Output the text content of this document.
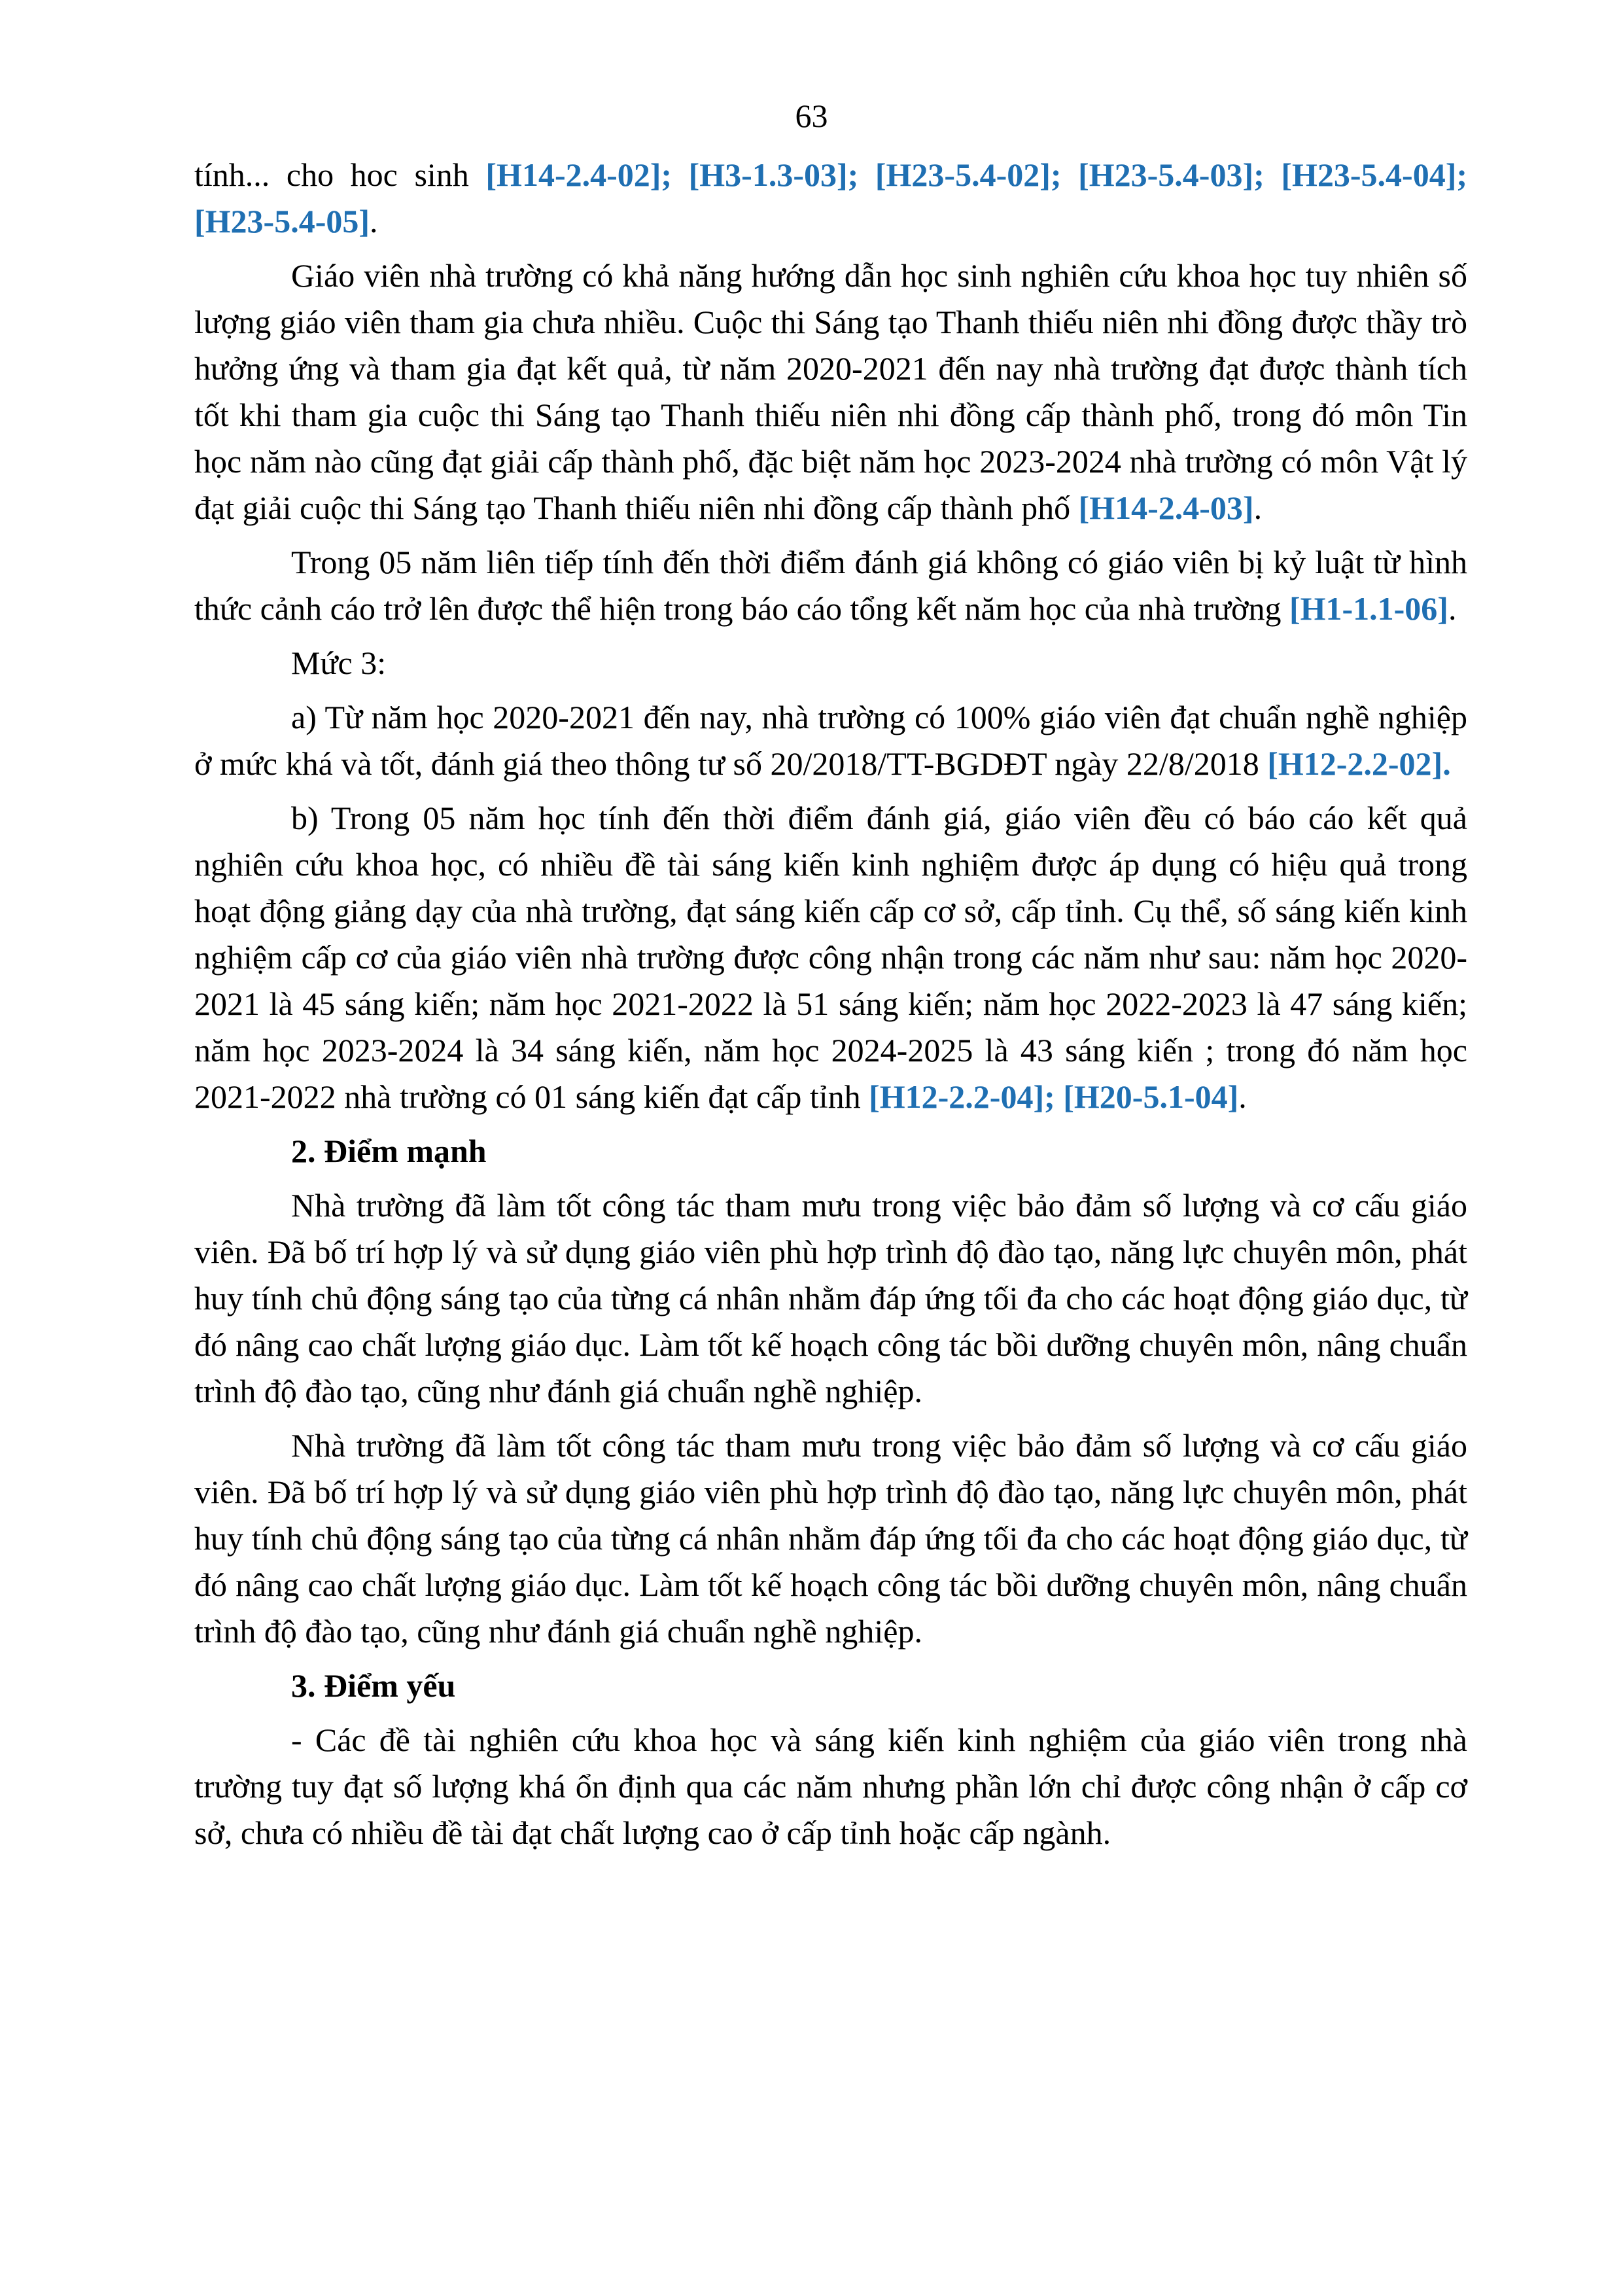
63

tính... cho hoc sinh [H14-2.4-02]; [H3-1.3-03]; [H23-5.4-02]; [H23-5.4-03]; [H23-5.4-04]; [H23-5.4-05].

Giáo viên nhà trường có khả năng hướng dẫn học sinh nghiên cứu khoa học tuy nhiên số lượng giáo viên tham gia chưa nhiều. Cuộc thi Sáng tạo Thanh thiếu niên nhi đồng được thầy trò hưởng ứng và tham gia đạt kết quả, từ năm 2020-2021 đến nay nhà trường đạt được thành tích tốt khi tham gia cuộc thi Sáng tạo Thanh thiếu niên nhi đồng cấp thành phố, trong đó môn Tin học năm nào cũng đạt giải cấp thành phố, đặc biệt năm học 2023-2024 nhà trường có môn Vật lý đạt giải cuộc thi Sáng tạo Thanh thiếu niên nhi đồng cấp thành phố [H14-2.4-03].

Trong 05 năm liên tiếp tính đến thời điểm đánh giá không có giáo viên bị kỷ luật từ hình thức cảnh cáo trở lên được thể hiện trong báo cáo tổng kết năm học của nhà trường [H1-1.1-06].

Mức 3:

a) Từ năm học 2020-2021 đến nay, nhà trường có 100% giáo viên đạt chuẩn nghề nghiệp ở mức khá và tốt, đánh giá theo thông tư số 20/2018/TT-BGDĐT ngày 22/8/2018 [H12-2.2-02].

b) Trong 05 năm học tính đến thời điểm đánh giá, giáo viên đều có báo cáo kết quả nghiên cứu khoa học, có nhiều đề tài sáng kiến kinh nghiệm được áp dụng có hiệu quả trong hoạt động giảng dạy của nhà trường, đạt sáng kiến cấp cơ sở, cấp tỉnh. Cụ thể, số sáng kiến kinh nghiệm cấp cơ của giáo viên nhà trường được công nhận trong các năm như sau: năm học 2020-2021 là 45 sáng kiến; năm học 2021-2022 là 51 sáng kiến; năm học 2022-2023 là 47 sáng kiến; năm học 2023-2024 là 34 sáng kiến, năm học 2024-2025 là 43 sáng kiến ; trong đó năm học 2021-2022 nhà trường có 01 sáng kiến đạt cấp tỉnh [H12-2.2-04]; [H20-5.1-04].

2. Điểm mạnh

Nhà trường đã làm tốt công tác tham mưu trong việc bảo đảm số lượng và cơ cấu giáo viên. Đã bố trí hợp lý và sử dụng giáo viên phù hợp trình độ đào tạo, năng lực chuyên môn, phát huy tính chủ động sáng tạo của từng cá nhân nhằm đáp ứng tối đa cho các hoạt động giáo dục, từ đó nâng cao chất lượng giáo dục. Làm tốt kế hoạch công tác bồi dưỡng chuyên môn, nâng chuẩn trình độ đào tạo, cũng như đánh giá chuẩn nghề nghiệp.

Nhà trường đã làm tốt công tác tham mưu trong việc bảo đảm số lượng và cơ cấu giáo viên. Đã bố trí hợp lý và sử dụng giáo viên phù hợp trình độ đào tạo, năng lực chuyên môn, phát huy tính chủ động sáng tạo của từng cá nhân nhằm đáp ứng tối đa cho các hoạt động giáo dục, từ đó nâng cao chất lượng giáo dục. Làm tốt kế hoạch công tác bồi dưỡng chuyên môn, nâng chuẩn trình độ đào tạo, cũng như đánh giá chuẩn nghề nghiệp.

3. Điểm yếu

- Các đề tài nghiên cứu khoa học và sáng kiến kinh nghiệm của giáo viên trong nhà trường tuy đạt số lượng khá ổn định qua các năm nhưng phần lớn chỉ được công nhận ở cấp cơ sở, chưa có nhiều đề tài đạt chất lượng cao ở cấp tỉnh hoặc cấp ngành.
